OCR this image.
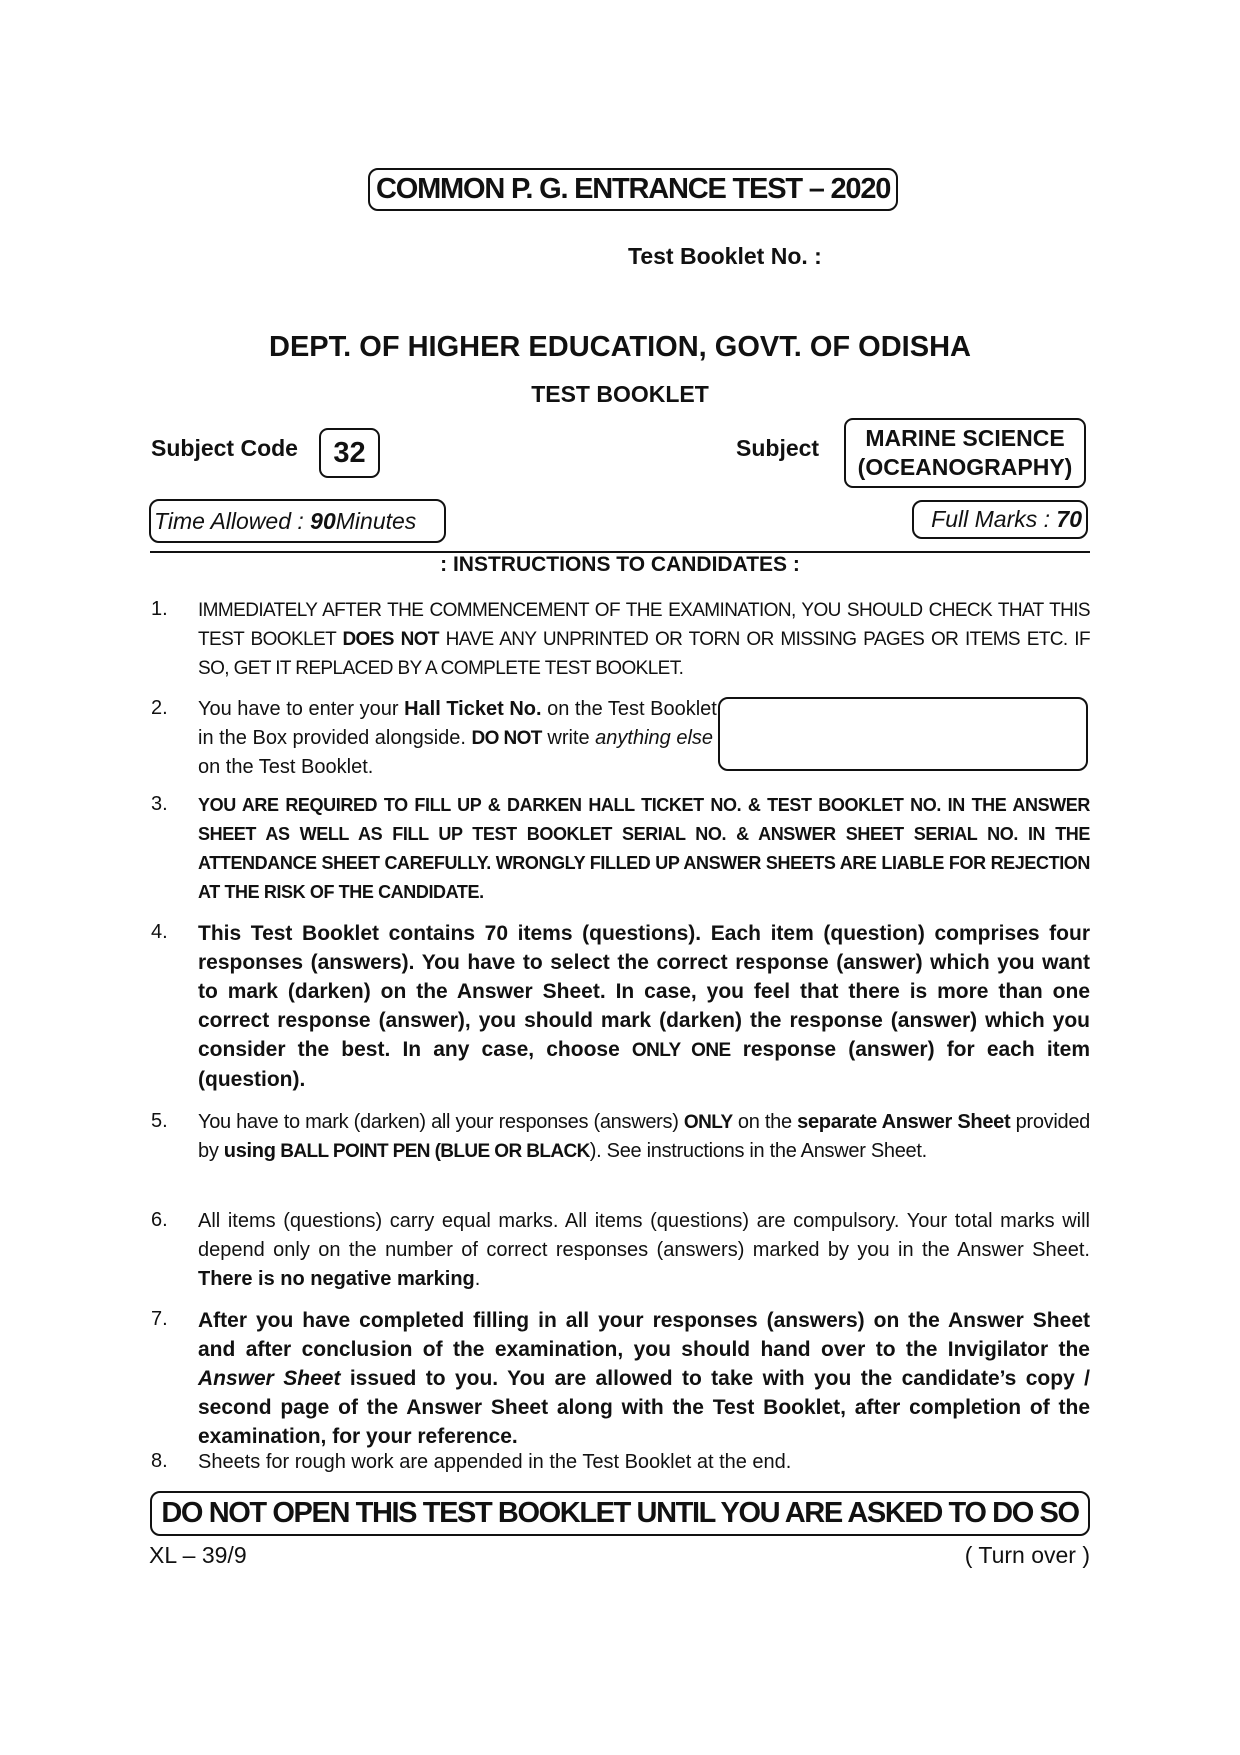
COMMON P. G. ENTRANCE TEST – 2020
Test Booklet No. :
DEPT. OF HIGHER EDUCATION, GOVT. OF ODISHA
TEST BOOKLET
Subject Code 32	Subject MARINE SCIENCE
(OCEANOGRAPHY)
Time Allowed :
90 Minutes	Full Marks :
70
: INSTRUCTIONS TO CANDIDATES :
1. IMMEDIATELY AFTER THE COMMENCEMENT OF THE EXAMINATION, YOU SHOULD CHECK THAT THIS TEST BOOKLET DOES NOT HAVE ANY UNPRINTED OR TORN OR MISSING PAGES OR ITEMS ETC. IF SO, GET IT REPLACED BY A COMPLETE TEST BOOKLET.
2. You have to enter your Hall Ticket No. on the Test Booklet in the Box provided alongside. DO NOT write anything else on the Test Booklet.
3. YOU ARE REQUIRED TO FILL UP & DARKEN HALL TICKET NO. & TEST BOOKLET NO. IN THE ANSWER SHEET AS WELL AS FILL UP TEST BOOKLET SERIAL NO. & ANSWER SHEET SERIAL NO. IN THE ATTENDANCE SHEET CAREFULLY. WRONGLY FILLED UP ANSWER SHEETS ARE LIABLE FOR REJECTION AT THE RISK OF THE CANDIDATE.
4. This Test Booklet contains 70 items (questions). Each item (question) comprises four responses (answers). You have to select the correct response (answer) which you want to mark (darken) on the Answer Sheet. In case, you feel that there is more than one correct response (answer), you should mark (darken) the response (answer) which you consider the best. In any case, choose ONLY ONE response (answer) for each item (question).
5. You have to mark (darken) all your responses (answers) ONLY on the separate Answer Sheet provided by using BALL POINT PEN (BLUE OR BLACK). See instructions in the Answer Sheet.
6. All items (questions) carry equal marks. All items (questions) are compulsory. Your total marks will depend only on the number of correct responses (answers) marked by you in the Answer Sheet. There is no negative marking.
7. After you have completed filling in all your responses (answers) on the Answer Sheet and after conclusion of the examination, you should hand over to the Invigilator the Answer Sheet issued to you. You are allowed to take with you the candidate’s copy / second page of the Answer Sheet along with the Test Booklet, after completion of the examination, for your reference.
8. Sheets for rough work are appended in the Test Booklet at the end.
DO NOT OPEN THIS TEST BOOKLET UNTIL YOU ARE ASKED TO DO SO
XL – 39/9	( Turn over )
